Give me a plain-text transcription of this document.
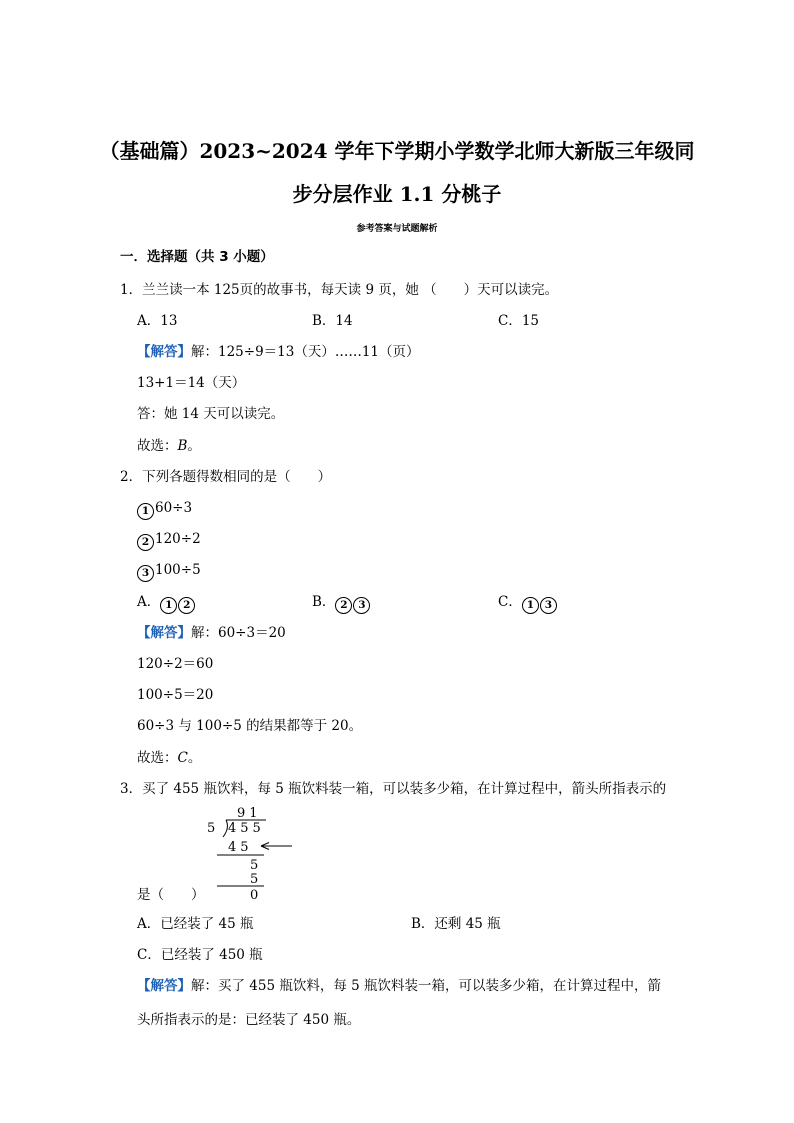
（基础篇）2023~2024 学年下学期小学数学北师大新版三年级同
步分层作业 1.1 分桃子
参考答案与试题解析
一．选择题（共 3 小题）
1．兰兰读一本 125页的故事书，每天读 9 页，她 （　　）天可以读完。
A．13	B．14	C．15
【解答】解：125÷9＝13（天）……11（页）
13+1＝14（天）
答：她 14 天可以读完。
故选：B。
2．下列各题得数相同的是（　　）
1 60÷3
2 120÷2
3 100÷5
A． 1 2	B． 2 3	C． 1 3
【解答】解：60÷3＝20
120÷2＝60
100÷5＝20
60÷3 与 100÷5 的结果都等于 20。
故选：C。
3．买了 455 瓶饮料，每 5 瓶饮料装一箱，可以装多少箱，在计算过程中，箭头所指表示的
91
5 455
45
5
5
0
是（　　）
A．已经装了 45 瓶	B．还剩 45 瓶
C．已经装了 450 瓶
【解答】解：买了 455 瓶饮料，每 5 瓶饮料装一箱，可以装多少箱，在计算过程中，箭
头所指表示的是：已经装了 450 瓶。
